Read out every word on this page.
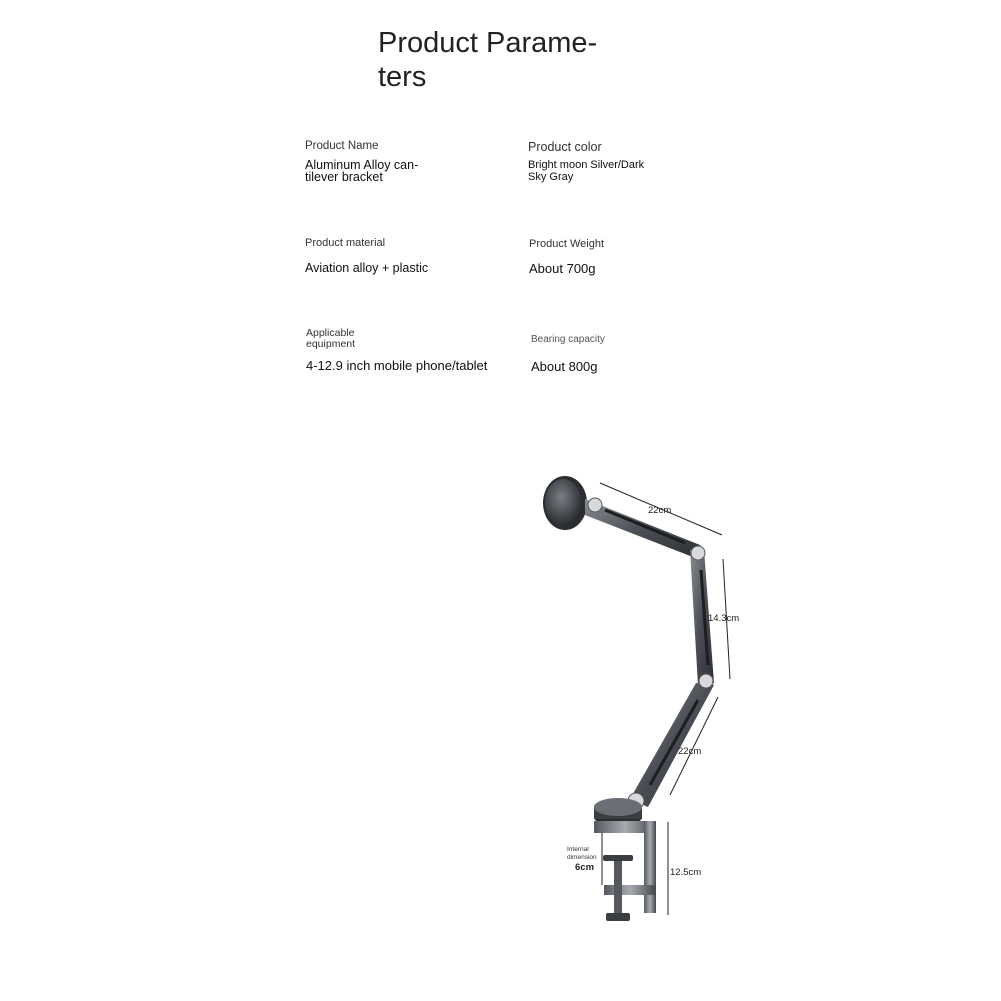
Product Parame-
ters
Product Name
Aluminum Alloy can-
tilever bracket
Product color
Bright moon Silver/Dark
Sky Gray
Product material
Aviation alloy + plastic
Product Weight
About 700g
Applicable
equipment
4-12.9 inch mobile phone/tablet
Bearing capacity
About 800g
22cm
14.3cm
22cm
12.5cm
Internal
dimension
6cm
